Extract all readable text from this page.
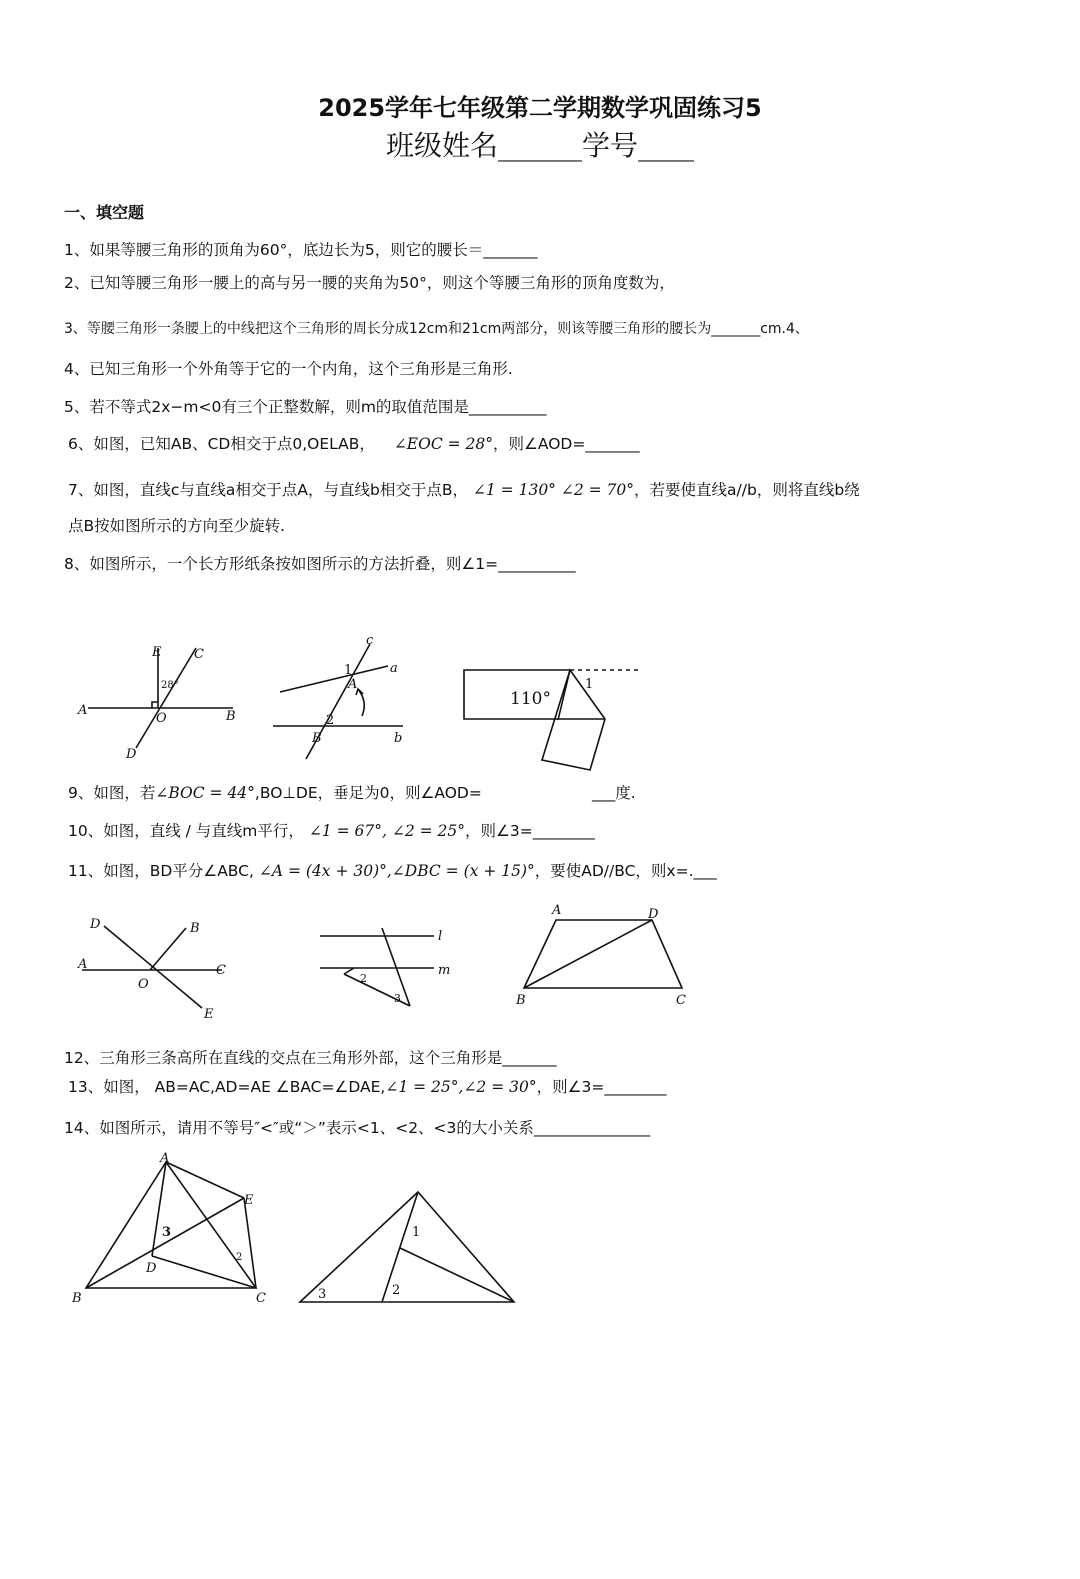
2025学年七年级第二学期数学巩固练习5
班级姓名______学号____
一、填空题
1、如果等腰三角形的顶角为60°，底边长为5，则它的腰长＝_______
2、已知等腰三角形一腰上的高与另一腰的夹角为50°，则这个等腰三角形的顶角度数为，
3、等腰三角形一条腰上的中线把这个三角形的周长分成12cm和21cm两部分，则该等腰三角形的腰长为_______cm.4、
4、已知三角形一个外角等于它的一个内角，这个三角形是三角形.
5、若不等式2x−m<0有三个正整数解，则m的取值范围是__________
6、如图，已知AB、CD相交于点0,OELAB， ∠EOC = 28°，则∠AOD=_______
7、如图，直线c与直线a相交于点A，与直线b相交于点B， ∠1 = 130° ∠2 = 70°，若要使直线a//b，则将直线b绕
点B按如图所示的方向至少旋转.
8、如图所示，一个长方形纸条按如图所示的方法折叠，则∠1=__________
A	B
C
D
E
O
28°
a
b
c
A
B
1
2
110°
1
9、如图，若∠BOC = 44°,BO⊥DE，垂足为0，则∠AOD=	___度.
10、如图，直线 / 与直线m平行， ∠1 = 67°, ∠2 = 25°，则∠3=________
11、如图，BD平分∠ABC, ∠A = (4x + 30)°,∠DBC = (x + 15)°，要使AD//BC，则x=.___
A
B
C
D
E
O
l
m
2
3
A	D
B	C
12、三角形三条高所在直线的交点在三角形外部，这个三角形是_______
13、如图， AB=AC,AD=AE ∠BAC=∠DAE,∠1 = 25°,∠2 = 30°，则∠3=________
14、如图所示，请用不等号″<″或“＞”表示<1、<2、<3的大小关系_______________
A
B	C
D
E
3
2
1
2
3
